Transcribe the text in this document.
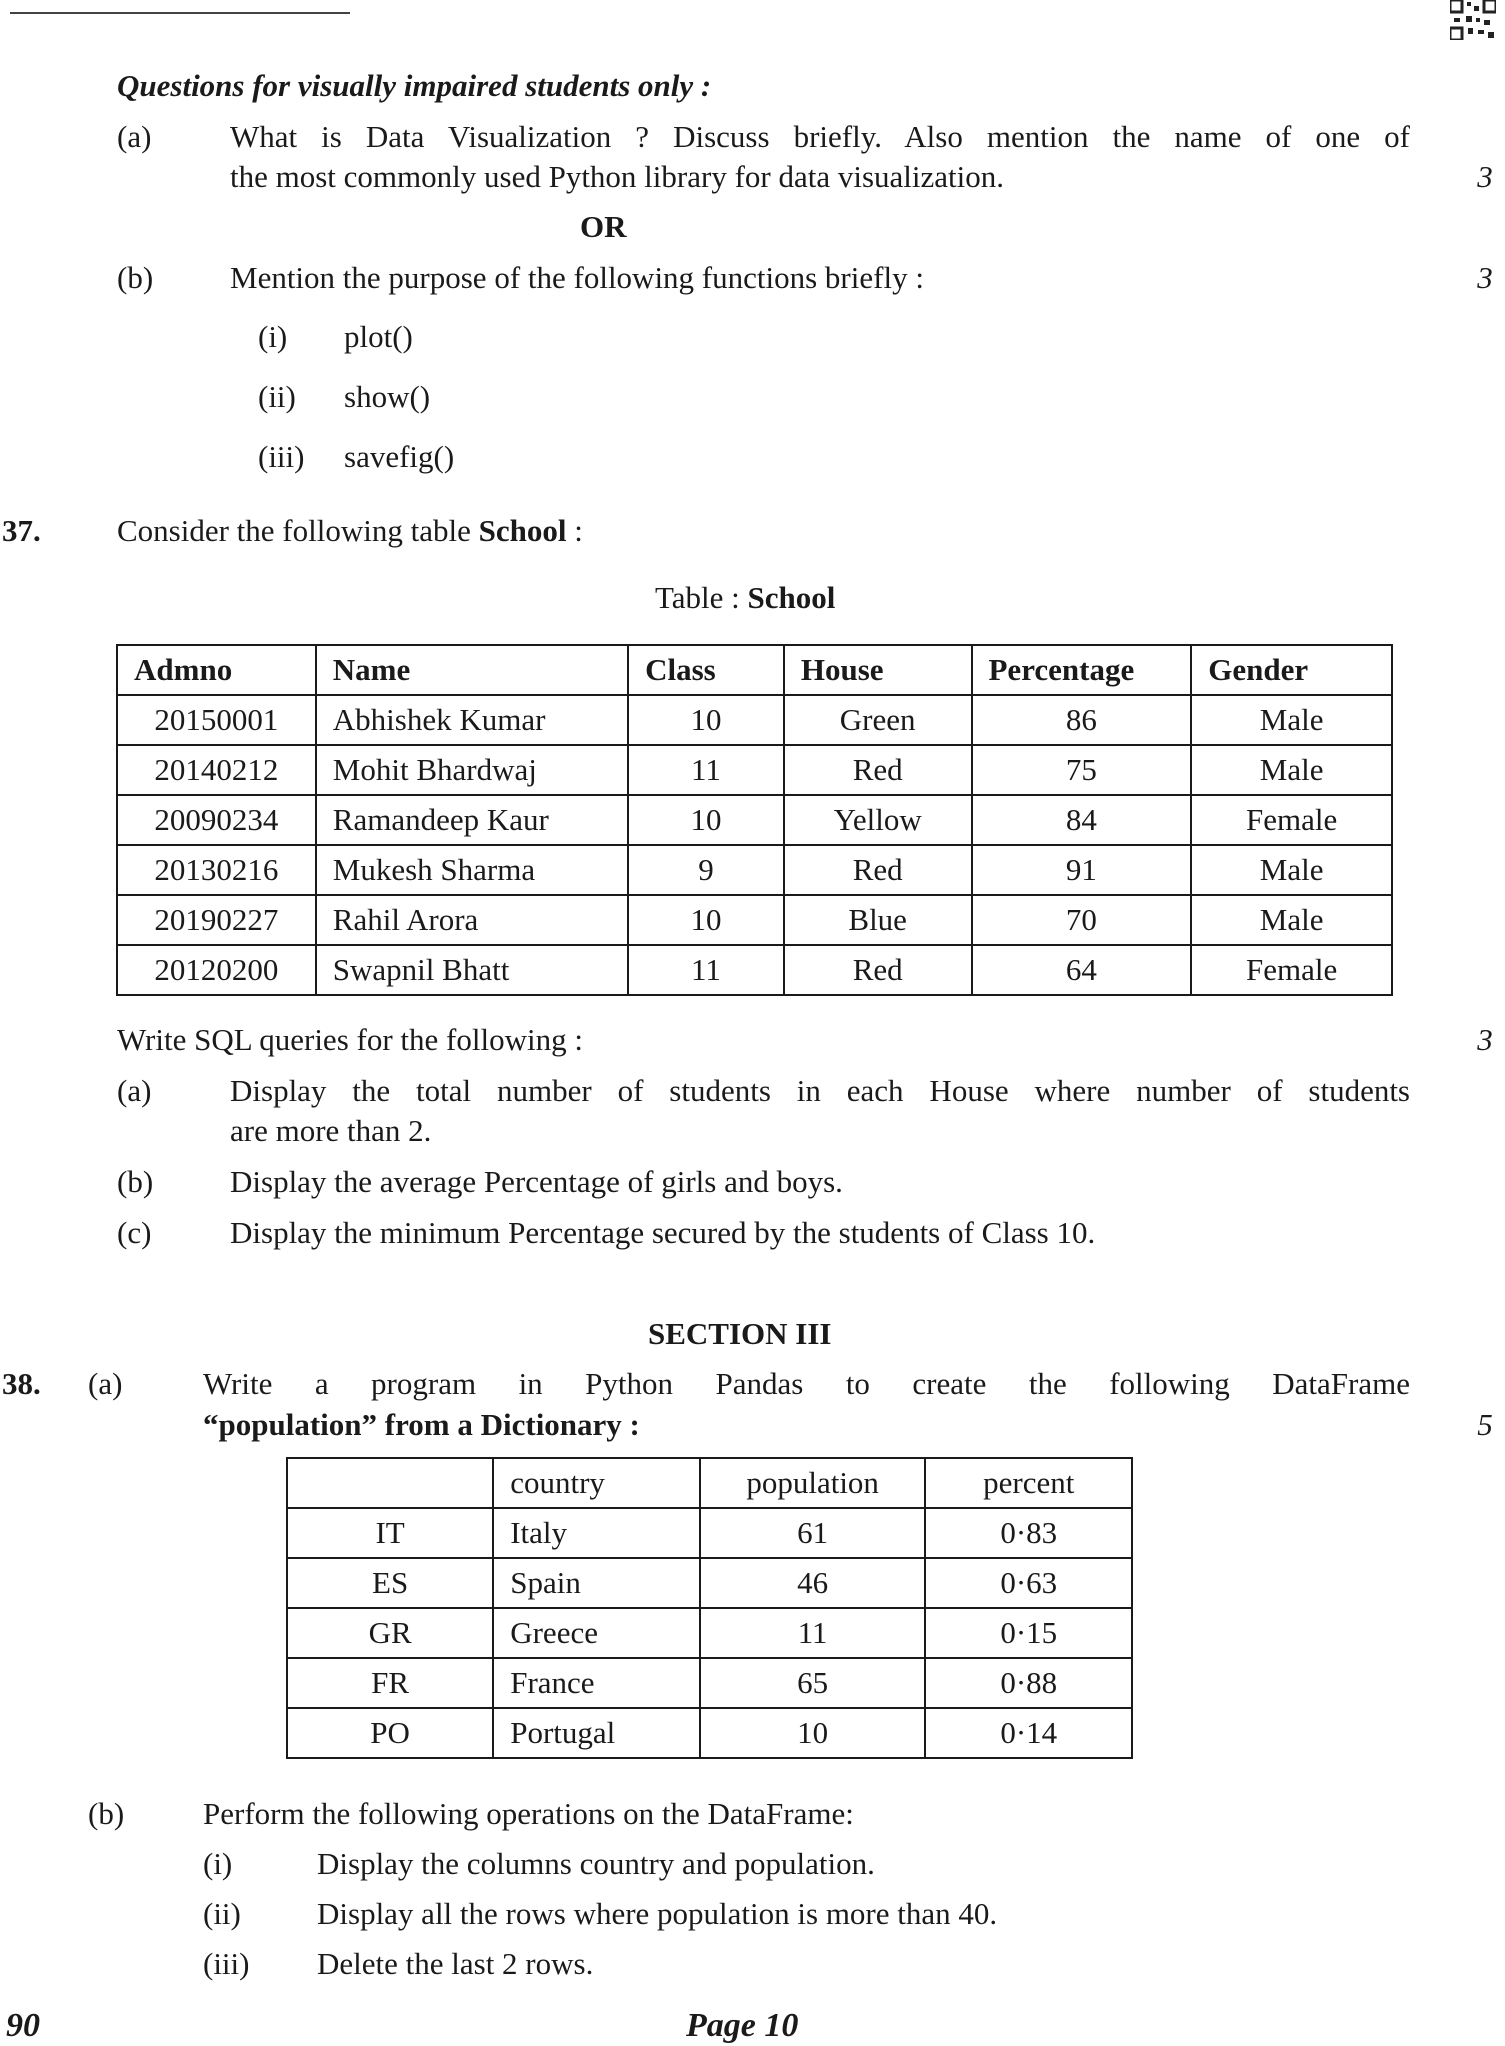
Questions for visually impaired students only :
(a)	What is Data Visualization ? Discuss briefly. Also mention the name of one of
the most commonly used Python library for data visualization.	3
OR
(b) Mention the purpose of the following functions briefly :	3
(i) plot()
(ii) show()
(iii) savefig()
37. Consider the following table School :
Table : School
Admno	Name	Class	House	Percentage	Gender
20150001	Abhishek Kumar	10	Green	86	Male
20140212	Mohit Bhardwaj	11	Red	75	Male
20090234	Ramandeep Kaur	10	Yellow	84	Female
20130216	Mukesh Sharma	9	Red	91	Male
20190227	Rahil Arora	10	Blue	70	Male
20120200	Swapnil Bhatt	11	Red	64	Female
Write SQL queries for the following :	3
(a)	Display the total number of students in each House where number of students
are more than 2.
(b) Display the average Percentage of girls and boys.
(c)	Display the minimum Percentage secured by the students of Class 10.
SECTION III
38. (a)	Write a program in Python Pandas to create the following DataFrame
“population” from a Dictionary :	5
	country	population	percent
IT	Italy	61	0·83
ES	Spain	46	0·63
GR	Greece	11	0·15
FR	France	65	0·88
PO	Portugal	10	0·14
(b)	Perform the following operations on the DataFrame:
(i)	Display the columns country and population.
(ii) Display all the rows where population is more than 40.
(iii) Delete the last 2 rows.
90	Page 10
